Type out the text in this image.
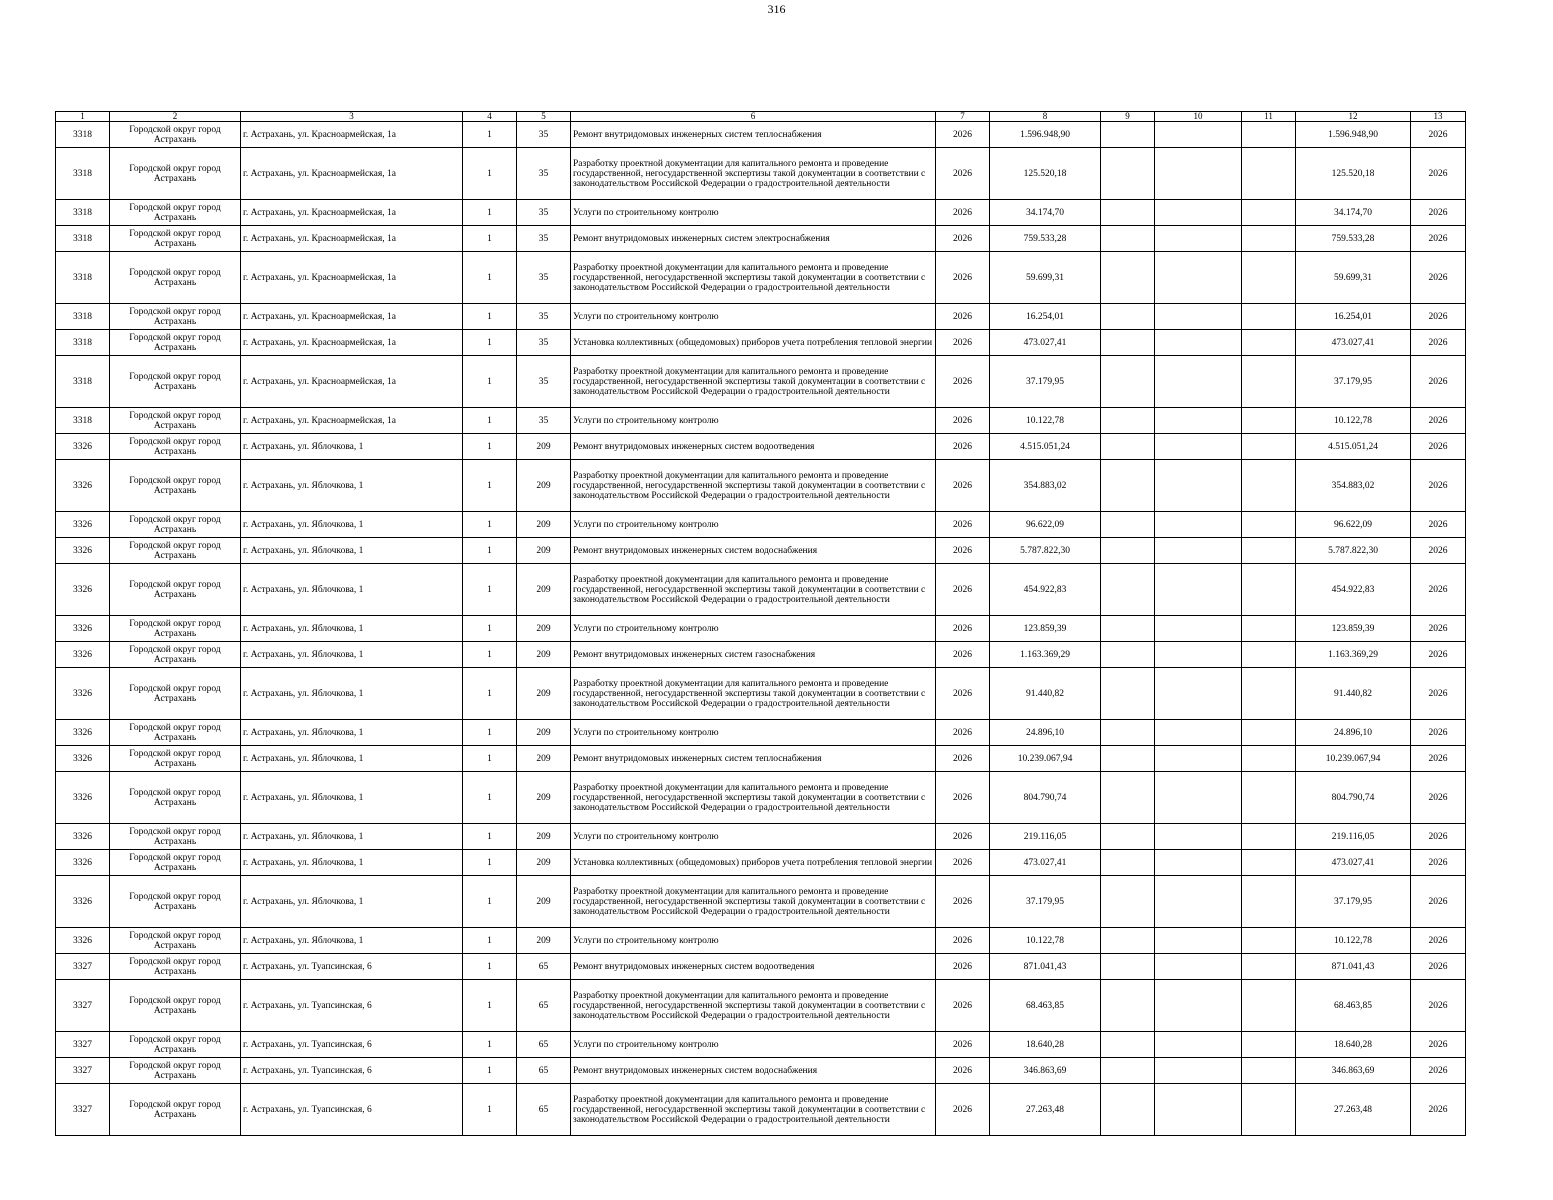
316
1	2	3	4	5	6	7	8	9	10	11	12	13
3318	Городской округ город Астрахань	г. Астрахань, ул. Красноармейская, 1а	1	35	Ремонт внутридомовых инженерных систем теплоснабжения	2026	1.596.948,90				1.596.948,90	2026
3318	Городской округ город Астрахань	г. Астрахань, ул. Красноармейская, 1а	1	35	Разработку проектной документации для капитального ремонта и проведение государственной, негосударственной экспертизы такой документации в соответствии с законодательством Российской Федерации о градостроительной деятельности	2026	125.520,18				125.520,18	2026
3318	Городской округ город Астрахань	г. Астрахань, ул. Красноармейская, 1а	1	35	Услуги по строительному контролю	2026	34.174,70				34.174,70	2026
3318	Городской округ город Астрахань	г. Астрахань, ул. Красноармейская, 1а	1	35	Ремонт внутридомовых инженерных систем электроснабжения	2026	759.533,28				759.533,28	2026
3318	Городской округ город Астрахань	г. Астрахань, ул. Красноармейская, 1а	1	35	Разработку проектной документации для капитального ремонта и проведение государственной, негосударственной экспертизы такой документации в соответствии с законодательством Российской Федерации о градостроительной деятельности	2026	59.699,31				59.699,31	2026
3318	Городской округ город Астрахань	г. Астрахань, ул. Красноармейская, 1а	1	35	Услуги по строительному контролю	2026	16.254,01				16.254,01	2026
3318	Городской округ город Астрахань	г. Астрахань, ул. Красноармейская, 1а	1	35	Установка коллективных (общедомовых) приборов учета потребления тепловой энергии	2026	473.027,41				473.027,41	2026
3318	Городской округ город Астрахань	г. Астрахань, ул. Красноармейская, 1а	1	35	Разработку проектной документации для капитального ремонта и проведение государственной, негосударственной экспертизы такой документации в соответствии с законодательством Российской Федерации о градостроительной деятельности	2026	37.179,95				37.179,95	2026
3318	Городской округ город Астрахань	г. Астрахань, ул. Красноармейская, 1а	1	35	Услуги по строительному контролю	2026	10.122,78				10.122,78	2026
3326	Городской округ город Астрахань	г. Астрахань, ул. Яблочкова, 1	1	209	Ремонт внутридомовых инженерных систем водоотведения	2026	4.515.051,24				4.515.051,24	2026
3326	Городской округ город Астрахань	г. Астрахань, ул. Яблочкова, 1	1	209	Разработку проектной документации для капитального ремонта и проведение государственной, негосударственной экспертизы такой документации в соответствии с законодательством Российской Федерации о градостроительной деятельности	2026	354.883,02				354.883,02	2026
3326	Городской округ город Астрахань	г. Астрахань, ул. Яблочкова, 1	1	209	Услуги по строительному контролю	2026	96.622,09				96.622,09	2026
3326	Городской округ город Астрахань	г. Астрахань, ул. Яблочкова, 1	1	209	Ремонт внутридомовых инженерных систем водоснабжения	2026	5.787.822,30				5.787.822,30	2026
3326	Городской округ город Астрахань	г. Астрахань, ул. Яблочкова, 1	1	209	Разработку проектной документации для капитального ремонта и проведение государственной, негосударственной экспертизы такой документации в соответствии с законодательством Российской Федерации о градостроительной деятельности	2026	454.922,83				454.922,83	2026
3326	Городской округ город Астрахань	г. Астрахань, ул. Яблочкова, 1	1	209	Услуги по строительному контролю	2026	123.859,39				123.859,39	2026
3326	Городской округ город Астрахань	г. Астрахань, ул. Яблочкова, 1	1	209	Ремонт внутридомовых инженерных систем газоснабжения	2026	1.163.369,29				1.163.369,29	2026
3326	Городской округ город Астрахань	г. Астрахань, ул. Яблочкова, 1	1	209	Разработку проектной документации для капитального ремонта и проведение государственной, негосударственной экспертизы такой документации в соответствии с законодательством Российской Федерации о градостроительной деятельности	2026	91.440,82				91.440,82	2026
3326	Городской округ город Астрахань	г. Астрахань, ул. Яблочкова, 1	1	209	Услуги по строительному контролю	2026	24.896,10				24.896,10	2026
3326	Городской округ город Астрахань	г. Астрахань, ул. Яблочкова, 1	1	209	Ремонт внутридомовых инженерных систем теплоснабжения	2026	10.239.067,94				10.239.067,94	2026
3326	Городской округ город Астрахань	г. Астрахань, ул. Яблочкова, 1	1	209	Разработку проектной документации для капитального ремонта и проведение государственной, негосударственной экспертизы такой документации в соответствии с законодательством Российской Федерации о градостроительной деятельности	2026	804.790,74				804.790,74	2026
3326	Городской округ город Астрахань	г. Астрахань, ул. Яблочкова, 1	1	209	Услуги по строительному контролю	2026	219.116,05				219.116,05	2026
3326	Городской округ город Астрахань	г. Астрахань, ул. Яблочкова, 1	1	209	Установка коллективных (общедомовых) приборов учета потребления тепловой энергии	2026	473.027,41				473.027,41	2026
3326	Городской округ город Астрахань	г. Астрахань, ул. Яблочкова, 1	1	209	Разработку проектной документации для капитального ремонта и проведение государственной, негосударственной экспертизы такой документации в соответствии с законодательством Российской Федерации о градостроительной деятельности	2026	37.179,95				37.179,95	2026
3326	Городской округ город Астрахань	г. Астрахань, ул. Яблочкова, 1	1	209	Услуги по строительному контролю	2026	10.122,78				10.122,78	2026
3327	Городской округ город Астрахань	г. Астрахань, ул. Туапсинская, 6	1	65	Ремонт внутридомовых инженерных систем водоотведения	2026	871.041,43				871.041,43	2026
3327	Городской округ город Астрахань	г. Астрахань, ул. Туапсинская, 6	1	65	Разработку проектной документации для капитального ремонта и проведение государственной, негосударственной экспертизы такой документации в соответствии с законодательством Российской Федерации о градостроительной деятельности	2026	68.463,85				68.463,85	2026
3327	Городской округ город Астрахань	г. Астрахань, ул. Туапсинская, 6	1	65	Услуги по строительному контролю	2026	18.640,28				18.640,28	2026
3327	Городской округ город Астрахань	г. Астрахань, ул. Туапсинская, 6	1	65	Ремонт внутридомовых инженерных систем водоснабжения	2026	346.863,69				346.863,69	2026
3327	Городской округ город Астрахань	г. Астрахань, ул. Туапсинская, 6	1	65	Разработку проектной документации для капитального ремонта и проведение государственной, негосударственной экспертизы такой документации в соответствии с законодательством Российской Федерации о градостроительной деятельности	2026	27.263,48				27.263,48	2026
